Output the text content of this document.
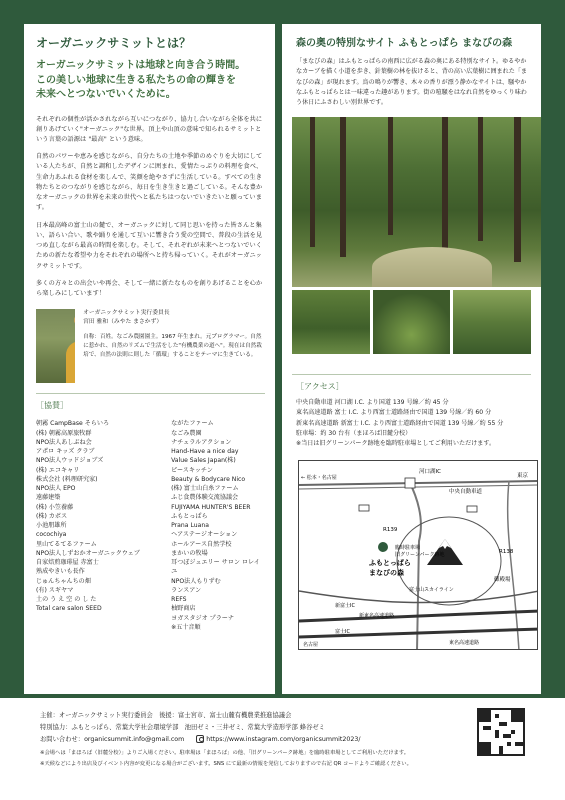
オーガニックサミットとは？
オーガニックサミットは地球と向き合う時間。
この美しい地球に生きる私たちの命の輝きを
未来へとつないでいくために。

それぞれの個性が活かされながら互いにつながり、協力し合いながら全体を共に創りあげていく"オーガニック"な世界。頂上や山頂の意味で知られるサミットという言葉の語源は "最高" という意味。

自然のパワーや恵みを感じながら、自分たちの土地や季節のめぐりを大切にしている人たちが、自然と調和したデザインに囲まれ、愛情たっぷりの料理を食べ、生命力あふれる食材を楽しんで、笑顔を絶やさずに生活している。すべての生き物たちとのつながりを感じながら、毎日を生き生きと過ごしている。そんな豊かなオーガニックの世界を未来の世代へと私たちはつないでいきたいと願っています。

日本最高峰の富士山の麓で、オーガニックに対して同じ思いを持った皆さんと集い、語らい合い、歌や踊りを通して互いに響き合う愛の空間で、普段の生活を見つめ直しながら最高の時間を楽しむ。そして、それぞれが未来へとつないでいくための新たな希望や力をそれぞれの場所へと持ち帰っていく。それがオーガニックサミットです。

多くの方々との出会いや再会、そして一緒に新たなものを創りあげることを心から楽しみにしています！

オーガニックサミット実行委員長
宮田 雅和（みやた まさかず）
自称：百姓。なごみ農園園主。1967 年生まれ。元プログラマー。自然に惹かれ、自然のリズムで生活をした"有機農業の道へ"。現在は自然栽培で、自然の法則に則した「循環」することをテーマに生きている。
［協賛］
朝霧 CampBase そらいろ
(株) 朝霧高原旅牧群
NPO法人あしぶね会
アポロ キッズ クラブ
NPO法人ウッドジョブズ
(株) エコキャリ
株式会社 (料理研究家)
NPO法人 EPO
遠藤建築
(株) 小笠養藤
(株) カボス
小池朋雄所
cocochiya
里山てるてるファーム
NPO法人しずおかオーガニックウェブ
自家焙煎珈琲屋 赤富士
熟成やきいも長作
じゅんちゃんちの畑
(有) スギヤマ
土の う え 空 の し た
Total care salon SEED
ながたファーム
なごみ農園
ナチュラルアクション
Hand-Have a nice day
Value Sales Japan(株)
ピースキッチン
Beauty & Bodycare Nico
(株) 富士山白糸ファーム
ふじ食農体験交流協議会
FUJIYAMA HUNTER'S BEER
ふもとっぱら
Prana Luana
ヘアステージオーション
ホールアース自然学校
まかいの牧場
耳つぼジュエリー サロン ロレイユ
NPO法人もりずむ
ランスアン
REFS
柚野商店
ヨガスタジオ プラーナ
※五十音順
森の奥の特別なサイト ふもとっぱら まなびの森

「まなびの森」はふもとっぱらの南西に広がる森の奥にある特別なサイト。ゆるやかなカーブを描く小道を歩き、針葉樹の林を抜けると、背の高い広葉樹に囲まれた「まなびの森」が現れます。鳥の鳴りが響き、木々の香りが漂う静かなサイトは、騒やかなふもとっぱらとは一味違った趣があります。街の喧騒をはなれ自然をゆっくり味わう休日にふさわしい別世界です。

［アクセス］
中央自動車道 河口湖 I.C. より国道 139 号線／約 45 分
東名高速道路 富士 I.C. より西富士道路経由で国道 139 号線／約 60 分
新東名高速道路 新富士 I.C. より西富士道路経由で国道 139 号線／約 55 分
駐車場：約 30 台有（まほろば旧麓分校）
※当日は旧グリーンパーク跡地を臨時駐車場としてご利用いただけます。
河口湖IC
中央自動車道
← 松本・名古屋	東京
R139
R138
ふもとっぱら
まなびの森
臨時駐車場
旧グリーンパーク跡地
御殿場
富士山スカイライン
新東名高速道路
東名高速道路
新富士IC
富士IC
名古屋
主催：オーガニックサミット実行委員会　後援：富士宮市、富士山麓有機農業推進協議会
特別協力：ふもとっぱら、常葉大学社会環境学部　池田ゼミ・三井ゼミ、常葉大学造形学部 蜂谷ゼミ
お問い合わせ：organicsummit.info@gmail.com	https://www.instagram.com/organicsummit2023/
※会場へは「まほろば（旧麓分校）」よりご入場ください。駐車場は「まほろば」の他、「旧グリーンパーク跡地」を臨時駐車場としてご利用いただけます。
※天候などにより出店及びイベント内容が変更になる場合がございます。SNS にて最新の情報を発信しておりますので右記 QR コードよりご確認ください。
